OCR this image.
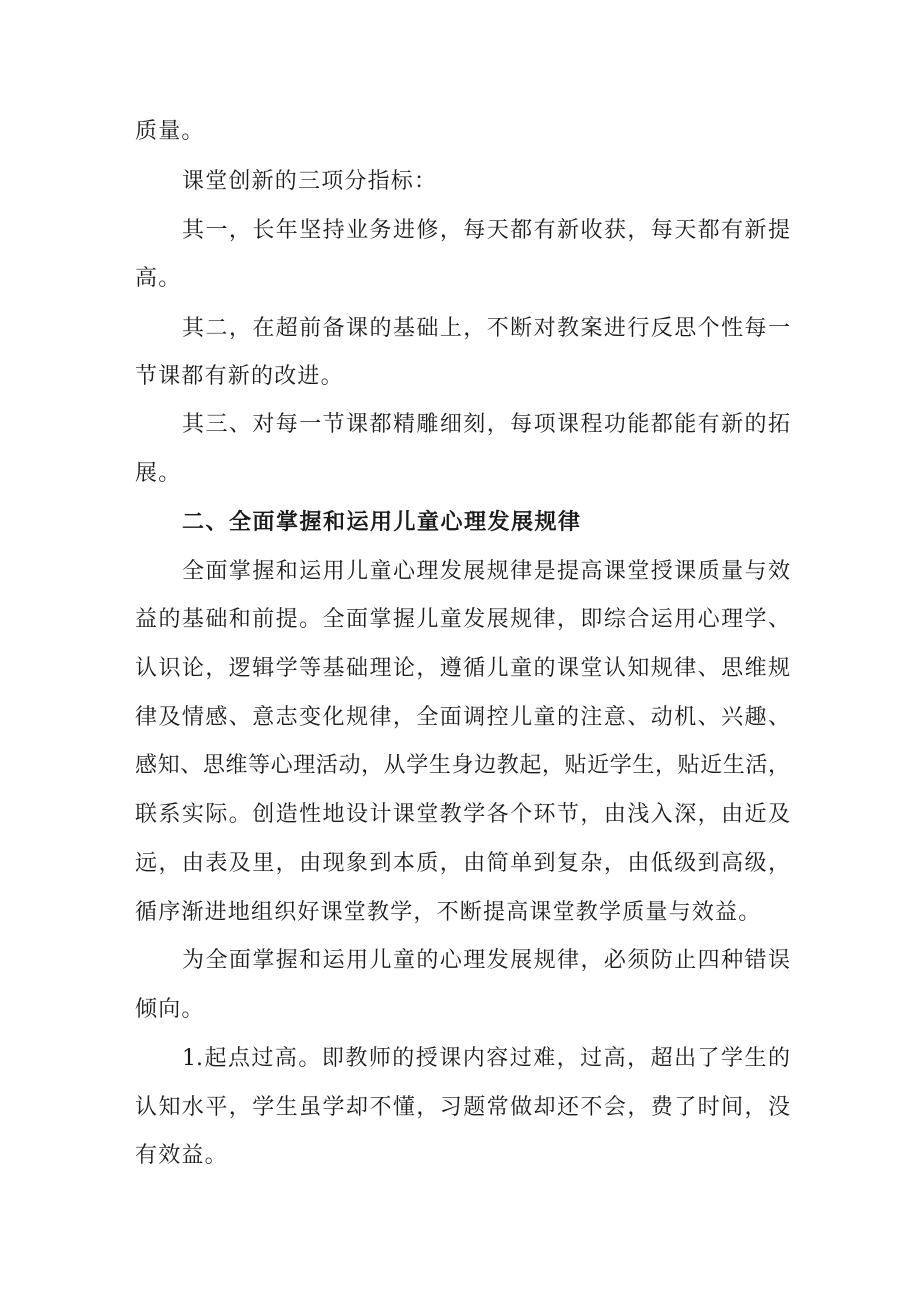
质量。
课堂创新的三项分指标：
其一，长年坚持业务进修，每天都有新收获，每天都有新提
高。
其二，在超前备课的基础上，不断对教案进行反思个性每一
节课都有新的改进。
其三、对每一节课都精雕细刻，每项课程功能都能有新的拓
展。
二、全面掌握和运用儿童心理发展规律
全面掌握和运用儿童心理发展规律是提高课堂授课质量与效
益的基础和前提。全面掌握儿童发展规律，即综合运用心理学、
认识论，逻辑学等基础理论，遵循儿童的课堂认知规律、思维规
律及情感、意志变化规律，全面调控儿童的注意、动机、兴趣、
感知、思维等心理活动，从学生身边教起，贴近学生，贴近生活，
联系实际。创造性地设计课堂教学各个环节，由浅入深，由近及
远，由表及里，由现象到本质，由简单到复杂，由低级到高级，
循序渐进地组织好课堂教学，不断提高课堂教学质量与效益。
为全面掌握和运用儿童的心理发展规律，必须防止四种错误
倾向。
1.起点过高。即教师的授课内容过难，过高，超出了学生的
认知水平，学生虽学却不懂，习题常做却还不会，费了时间，没
有效益。
